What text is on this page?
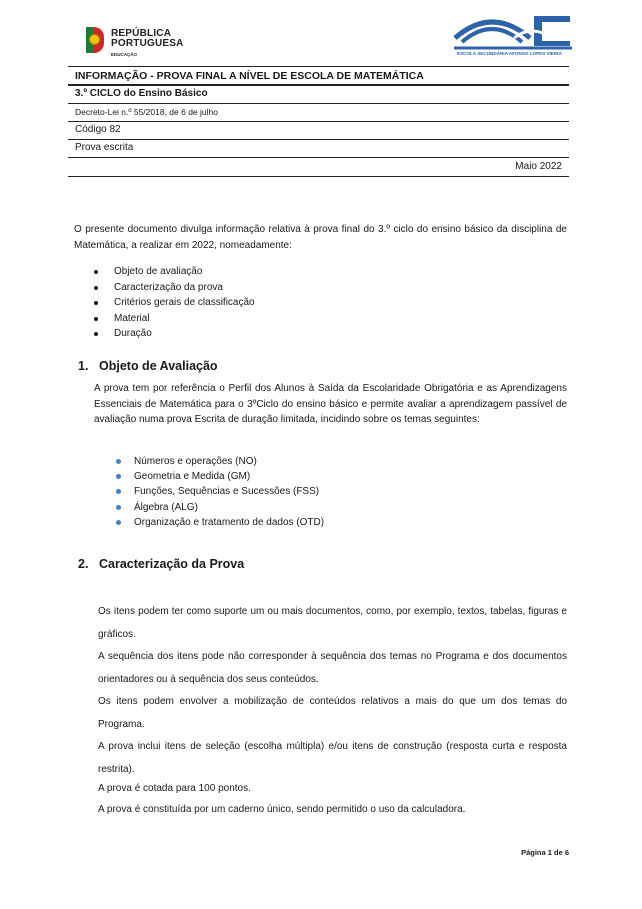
REPÚBLICA
PORTUGUESA
EDUCAÇÃO	ESCOLA SECUNDÁRIA AFONSO LOPES VIEIRA
INFORMAÇÃO - PROVA FINAL A NÍVEL DE ESCOLA DE MATEMÁTICA
3.º CICLO do Ensino Básico
Decreto-Lei n.º 55/2018, de 6 de julho
Código 82
Prova escrita
Maio 2022
O presente documento divulga informação relativa à prova final do 3.º ciclo do ensino básico da disciplina de Matemática, a realizar em 2022, nomeadamente:
Objeto de avaliação
Caracterização da prova
Critérios gerais de classificação
Material
Duração
1. Objeto de Avaliação
A prova tem por referência o Perfil dos Alunos à Saída da Escolaridade Obrigatória e as Aprendizagens Essenciais de Matemática para o 3ºCiclo do ensino básico e permite avaliar a aprendizagem passível de avaliação numa prova Escrita de duração limitada, incidindo sobre os temas seguintes:
Números e operações (NO)
Geometria e Medida (GM)
Funções, Sequências e Sucessões (FSS)
Álgebra (ALG)
Organização e tratamento de dados (OTD)
2. Caracterização da Prova
Os itens podem ter como suporte um ou mais documentos, como, por exemplo, textos, tabelas, figuras e gráficos.
A sequência dos itens pode não corresponder à sequência dos temas no Programa e dos documentos orientadores ou à sequência dos seus conteúdos.
Os itens podem envolver a mobilização de conteúdos relativos a mais do que um dos temas do Programa.
A prova inclui itens de seleção (escolha múltipla) e/ou itens de construção (resposta curta e resposta restrita).
A prova é cotada para 100 pontos.
A prova é constituída por um caderno único, sendo permitido o uso da calculadora.
Página 1 de 6
